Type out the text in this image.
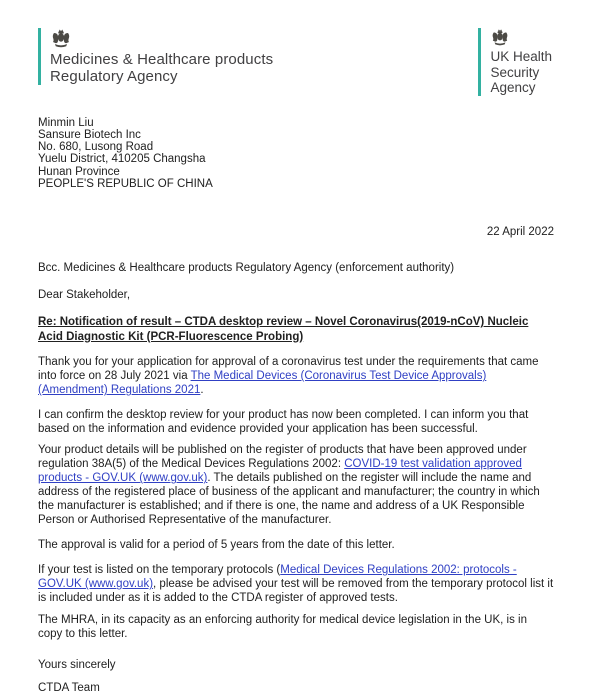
Medicines & Healthcare products
Regulatory Agency
UK Health
Security
Agency
Minmin Liu
Sansure Biotech Inc
No. 680, Lusong Road
Yuelu District, 410205 Changsha
Hunan Province
PEOPLE'S REPUBLIC OF CHINA
22 April 2022
Bcc. Medicines & Healthcare products Regulatory Agency (enforcement authority)
Dear Stakeholder,
Re: Notification of result – CTDA desktop review – Novel Coronavirus(2019-nCoV) Nucleic Acid Diagnostic Kit (PCR-Fluorescence Probing)
Thank you for your application for approval of a coronavirus test under the requirements that came into force on 28 July 2021 via The Medical Devices (Coronavirus Test Device Approvals) (Amendment) Regulations 2021.
I can confirm the desktop review for your product has now been completed. I can inform you that based on the information and evidence provided your application has been successful.
Your product details will be published on the register of products that have been approved under regulation 38A(5) of the Medical Devices Regulations 2002: COVID-19 test validation approved products - GOV.UK (www.gov.uk). The details published on the register will include the name and address of the registered place of business of the applicant and manufacturer; the country in which the manufacturer is established; and if there is one, the name and address of a UK Responsible Person or Authorised Representative of the manufacturer.
The approval is valid for a period of 5 years from the date of this letter.
If your test is listed on the temporary protocols (Medical Devices Regulations 2002: protocols - GOV.UK (www.gov.uk), please be advised your test will be removed from the temporary protocol list it is included under as it is added to the CTDA register of approved tests.
The MHRA, in its capacity as an enforcing authority for medical device legislation in the UK, is in copy to this letter.
Yours sincerely
CTDA Team
